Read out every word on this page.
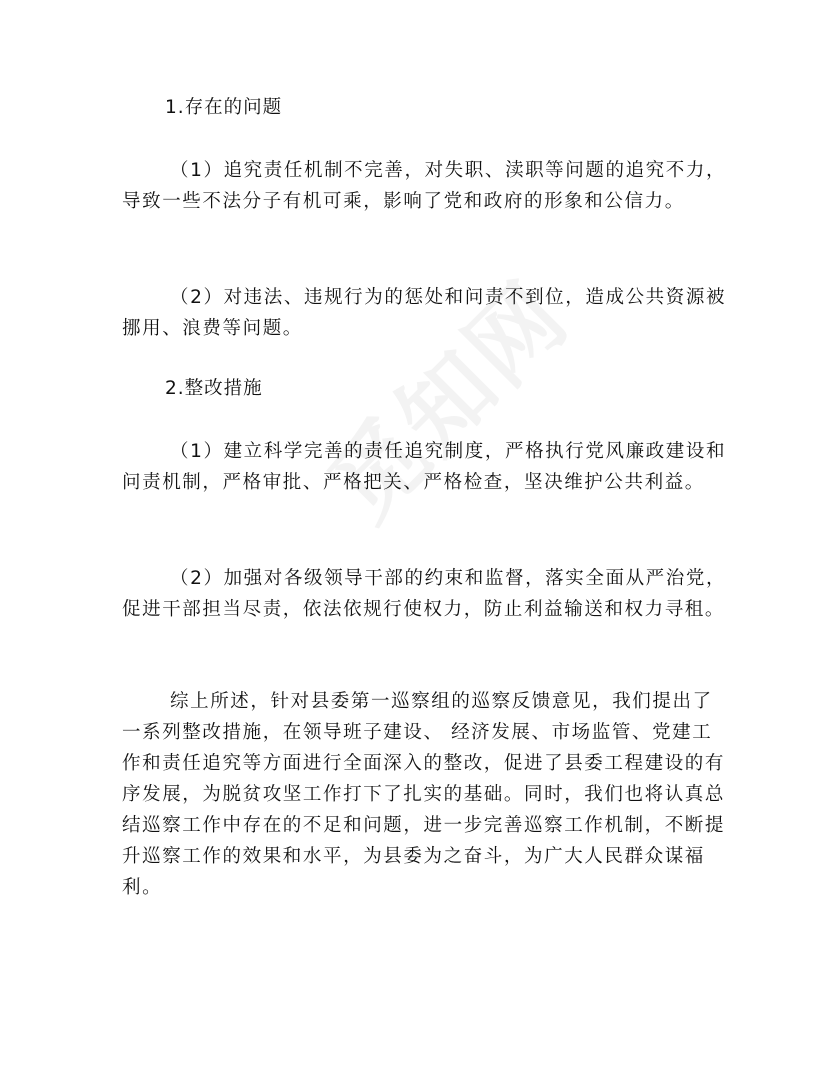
1.存在的问题

（1）追究责任机制不完善，对失职、渎职等问题的追究不力，导致一些不法分子有机可乘，影响了党和政府的形象和公信力。

（2）对违法、违规行为的惩处和问责不到位，造成公共资源被挪用、浪费等问题。

2.整改措施

（1）建立科学完善的责任追究制度，严格执行党风廉政建设和问责机制，严格审批、严格把关、严格检查，坚决维护公共利益。

（2）加强对各级领导干部的约束和监督，落实全面从严治党，促进干部担当尽责，依法依规行使权力，防止利益输送和权力寻租。

综上所述，针对县委第一巡察组的巡察反馈意见，我们提出了一系列整改措施，在领导班子建设、 经济发展、市场监管、党建工作和责任追究等方面进行全面深入的整改，促进了县委工程建设的有序发展，为脱贫攻坚工作打下了扎实的基础。同时，我们也将认真总结巡察工作中存在的不足和问题，进一步完善巡察工作机制，不断提升巡察工作的效果和水平，为县委为之奋斗，为广大人民群众谋福利。
